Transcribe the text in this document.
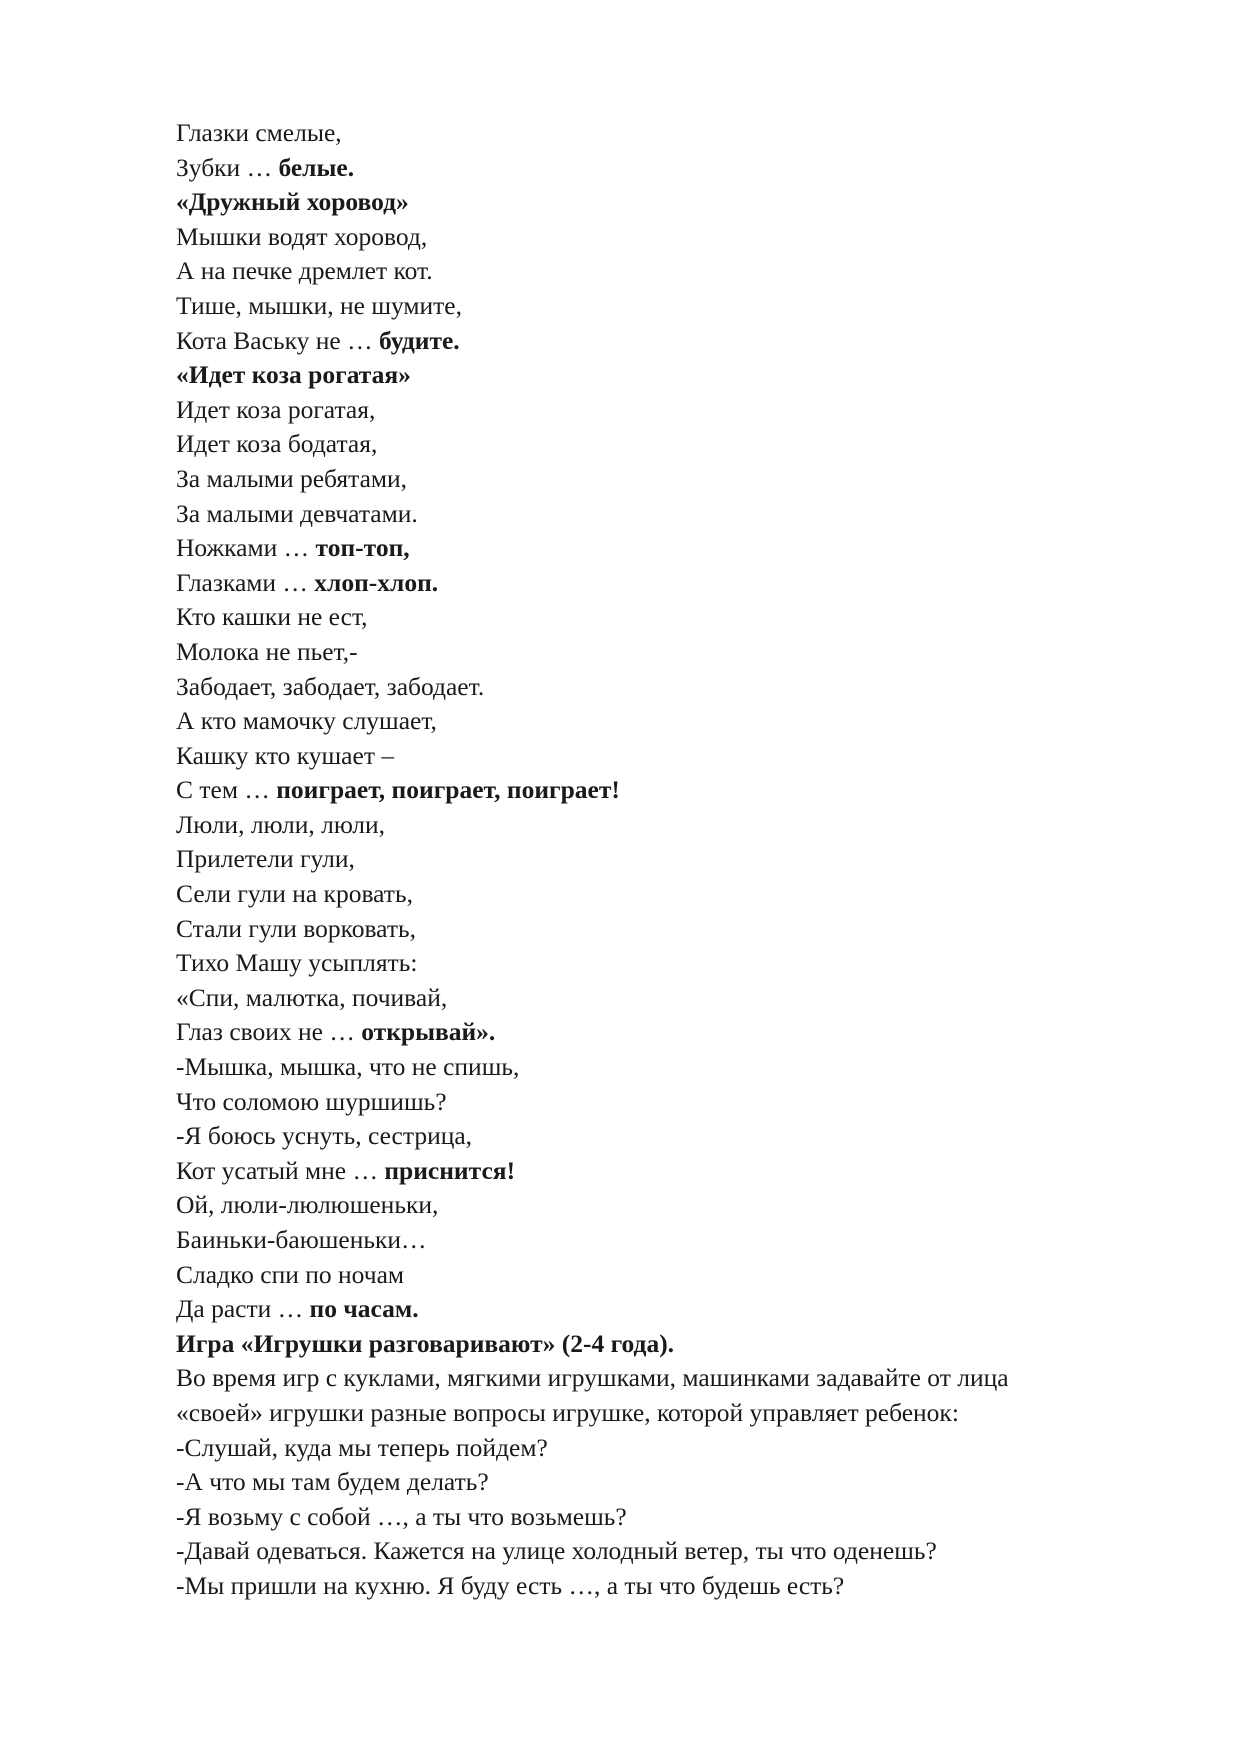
Глазки смелые,
Зубки … белые.
«Дружный хоровод»
Мышки водят хоровод,
А на печке дремлет кот.
Тише, мышки, не шумите,
Кота Ваську не … будите.
«Идет коза рогатая»
Идет коза рогатая,
Идет коза бодатая,
За малыми ребятами,
За малыми девчатами.
Ножками … топ-топ,
Глазками … хлоп-хлоп.
Кто кашки не ест,
Молока не пьет,-
Забодает, забодает, забодает.
А кто мамочку слушает,
Кашку кто кушает –
С тем … поиграет, поиграет, поиграет!
Люли, люли, люли,
Прилетели гули,
Сели гули на кровать,
Стали гули ворковать,
Тихо Машу усыплять:
«Спи, малютка, почивай,
Глаз своих не … открывай».
-Мышка, мышка, что не спишь,
Что соломою шуршишь?
-Я боюсь уснуть, сестрица,
Кот усатый мне … приснится!
Ой, люли-люлюшеньки,
Баиньки-баюшеньки…
Сладко спи по ночам
Да расти … по часам.
Игра «Игрушки разговаривают» (2-4 года).
Во время игр с куклами, мягкими игрушками, машинками задавайте от лица
«своей» игрушки разные вопросы игрушке, которой управляет ребенок:
-Слушай, куда мы теперь пойдем?
-А что мы там будем делать?
-Я возьму с собой …, а ты что возьмешь?
-Давай одеваться. Кажется на улице холодный ветер, ты что оденешь?
-Мы пришли на кухню. Я буду есть …, а ты что будешь есть?
